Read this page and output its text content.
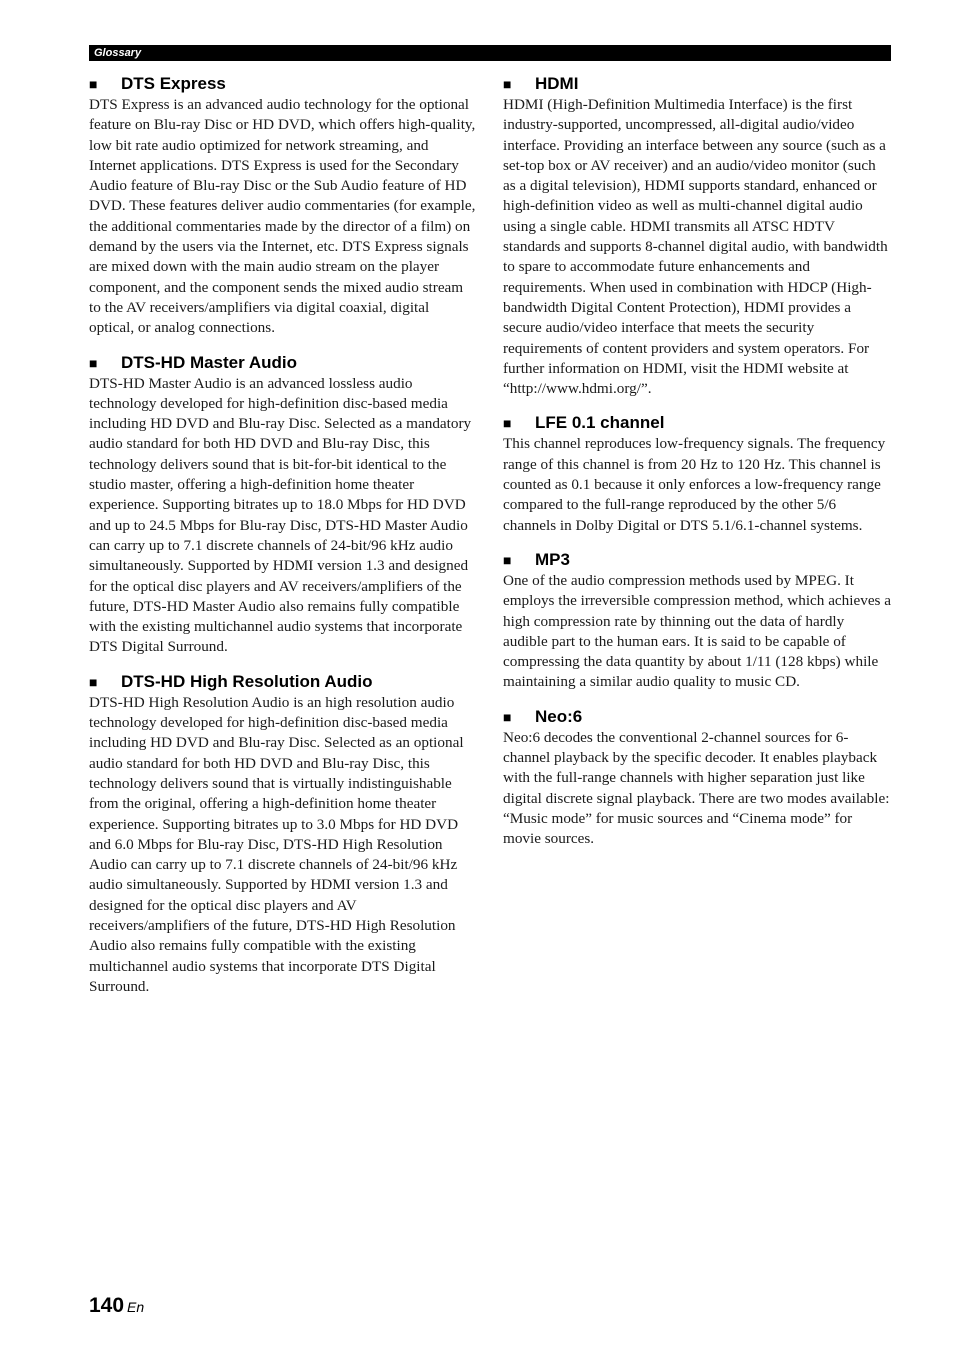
Glossary
■ DTS Express
DTS Express is an advanced audio technology for the optional feature on Blu-ray Disc or HD DVD, which offers high-quality, low bit rate audio optimized for network streaming, and Internet applications. DTS Express is used for the Secondary Audio feature of Blu-ray Disc or the Sub Audio feature of HD DVD. These features deliver audio commentaries (for example, the additional commentaries made by the director of a film) on demand by the users via the Internet, etc. DTS Express signals are mixed down with the main audio stream on the player component, and the component sends the mixed audio stream to the AV receivers/amplifiers via digital coaxial, digital optical, or analog connections.
■ DTS-HD Master Audio
DTS-HD Master Audio is an advanced lossless audio technology developed for high-definition disc-based media including HD DVD and Blu-ray Disc. Selected as a mandatory audio standard for both HD DVD and Blu-ray Disc, this technology delivers sound that is bit-for-bit identical to the studio master, offering a high-definition home theater experience. Supporting bitrates up to 18.0 Mbps for HD DVD and up to 24.5 Mbps for Blu-ray Disc, DTS-HD Master Audio can carry up to 7.1 discrete channels of 24-bit/96 kHz audio simultaneously. Supported by HDMI version 1.3 and designed for the optical disc players and AV receivers/amplifiers of the future, DTS-HD Master Audio also remains fully compatible with the existing multichannel audio systems that incorporate DTS Digital Surround.
■ DTS-HD High Resolution Audio
DTS-HD High Resolution Audio is an high resolution audio technology developed for high-definition disc-based media including HD DVD and Blu-ray Disc. Selected as an optional audio standard for both HD DVD and Blu-ray Disc, this technology delivers sound that is virtually indistinguishable from the original, offering a high-definition home theater experience. Supporting bitrates up to 3.0 Mbps for HD DVD and 6.0 Mbps for Blu-ray Disc, DTS-HD High Resolution Audio can carry up to 7.1 discrete channels of 24-bit/96 kHz audio simultaneously. Supported by HDMI version 1.3 and designed for the optical disc players and AV receivers/amplifiers of the future, DTS-HD High Resolution Audio also remains fully compatible with the existing multichannel audio systems that incorporate DTS Digital Surround.
■ HDMI
HDMI (High-Definition Multimedia Interface) is the first industry-supported, uncompressed, all-digital audio/video interface. Providing an interface between any source (such as a set-top box or AV receiver) and an audio/video monitor (such as a digital television), HDMI supports standard, enhanced or high-definition video as well as multi-channel digital audio using a single cable. HDMI transmits all ATSC HDTV standards and supports 8-channel digital audio, with bandwidth to spare to accommodate future enhancements and requirements. When used in combination with HDCP (High-bandwidth Digital Content Protection), HDMI provides a secure audio/video interface that meets the security requirements of content providers and system operators. For further information on HDMI, visit the HDMI website at “http://www.hdmi.org/”.
■ LFE 0.1 channel
This channel reproduces low-frequency signals. The frequency range of this channel is from 20 Hz to 120 Hz. This channel is counted as 0.1 because it only enforces a low-frequency range compared to the full-range reproduced by the other 5/6 channels in Dolby Digital or DTS 5.1/6.1-channel systems.
■ MP3
One of the audio compression methods used by MPEG. It employs the irreversible compression method, which achieves a high compression rate by thinning out the data of hardly audible part to the human ears. It is said to be capable of compressing the data quantity by about 1/11 (128 kbps) while maintaining a similar audio quality to music CD.
■ Neo:6
Neo:6 decodes the conventional 2-channel sources for 6-channel playback by the specific decoder. It enables playback with the full-range channels with higher separation just like digital discrete signal playback. There are two modes available: “Music mode” for music sources and “Cinema mode” for movie sources.
140 En
